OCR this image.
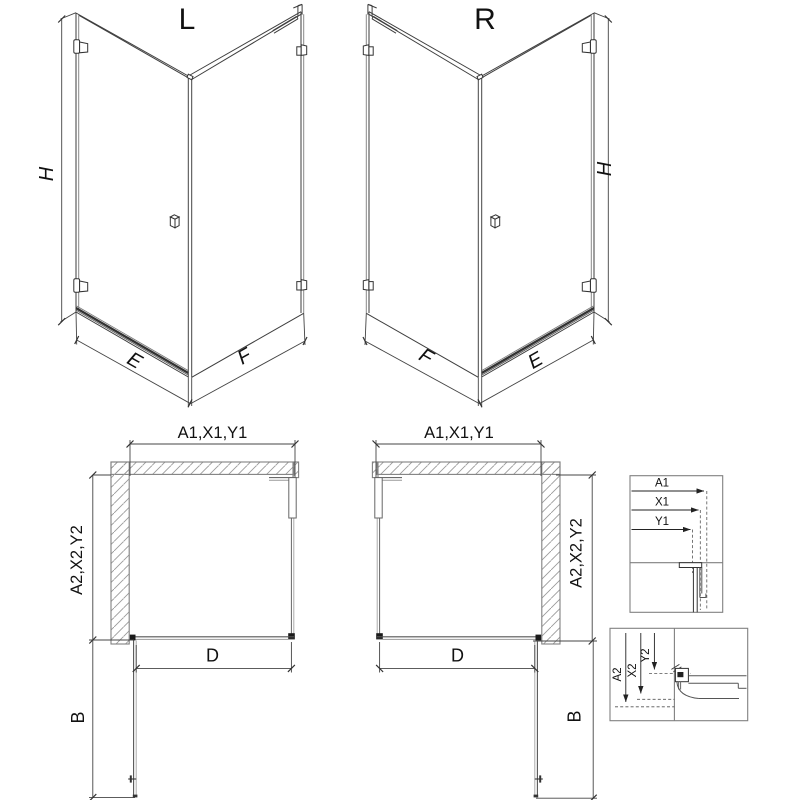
L
H
E	F
R
H
E
F
A1,X1,Y1
A2,X2,Y2
D
B
A1,X1,Y1
A2,X2,Y2
D
B
A1
X1
Y1
A2 X2
Y2
